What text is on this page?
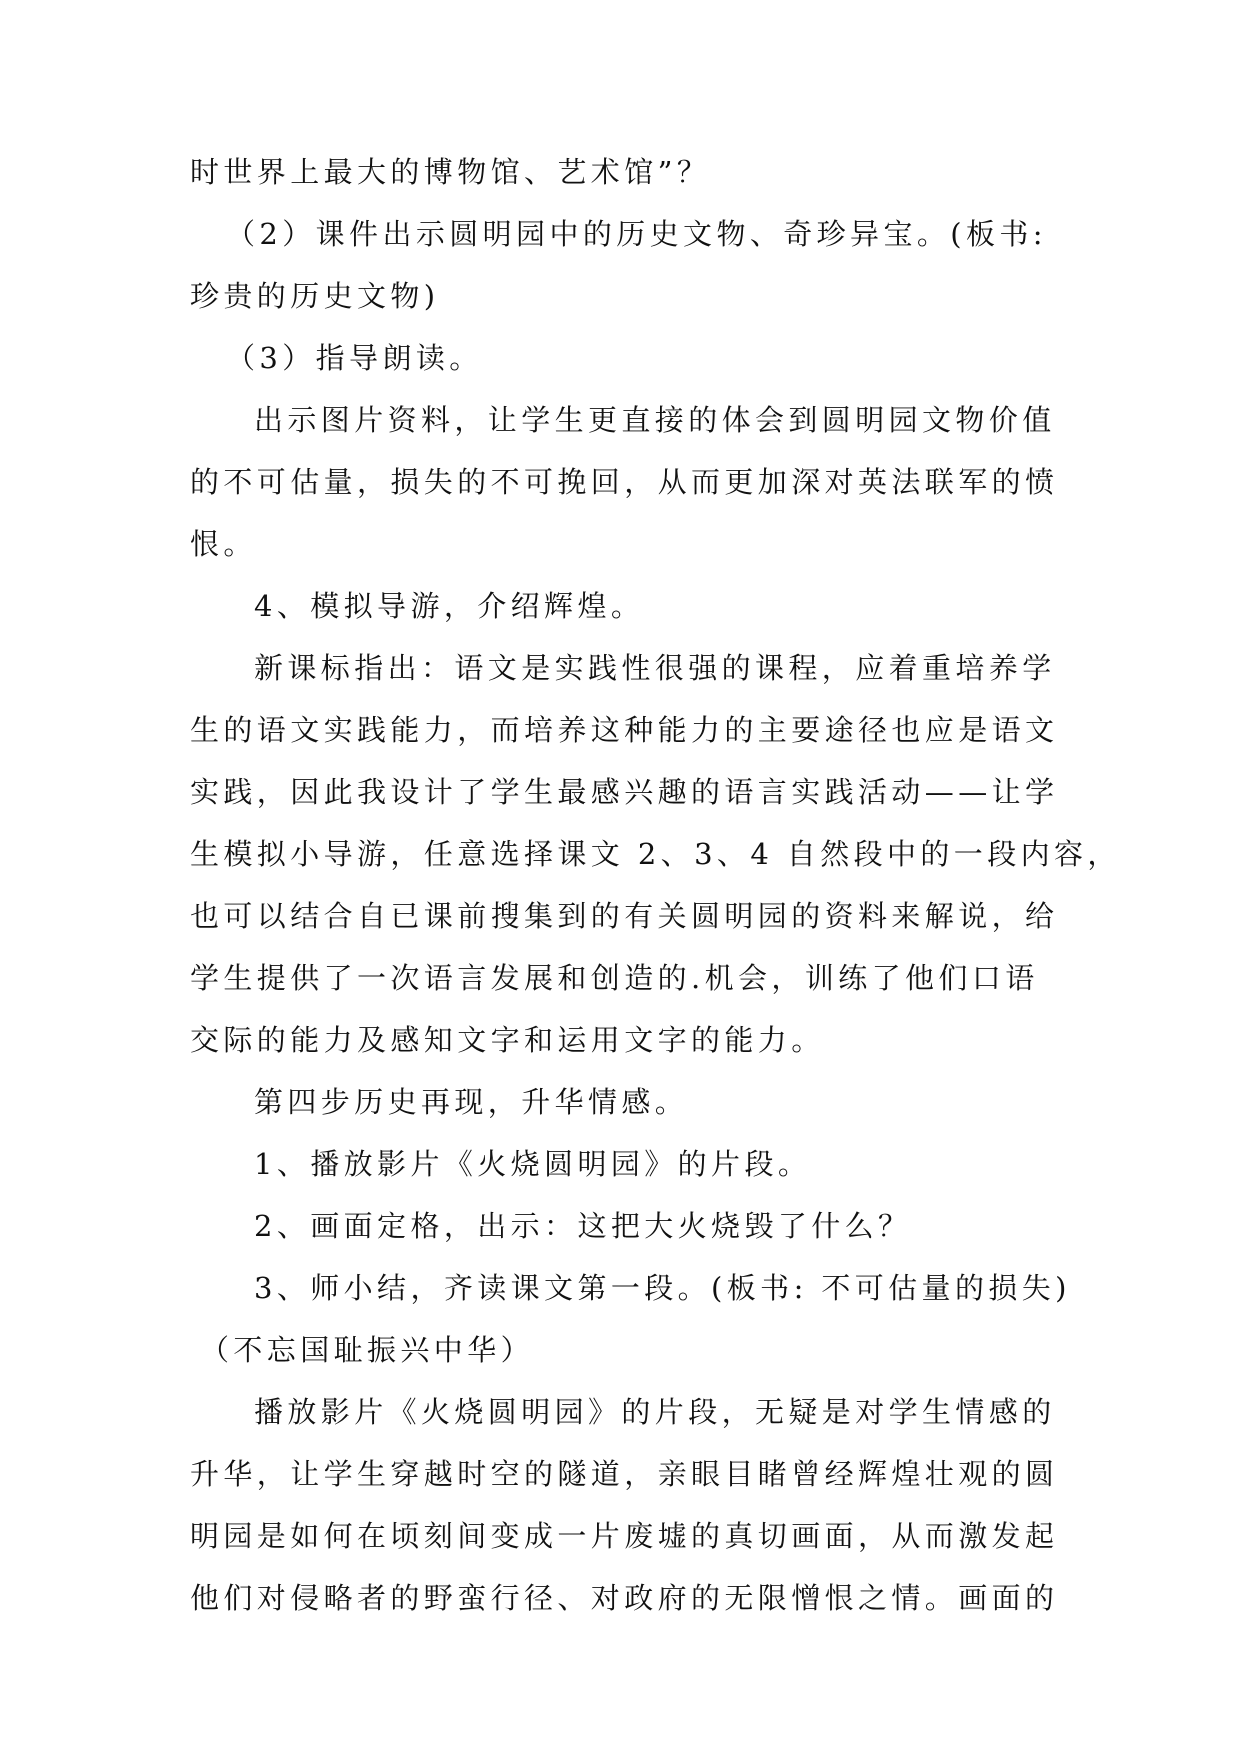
时世界上最大的博物馆、艺术馆”？
（2）课件出示圆明园中的历史文物、奇珍异宝。(板书:
珍贵的历史文物)
（3）指导朗读。
出示图片资料，让学生更直接的体会到圆明园文物价值
的不可估量，损失的不可挽回，从而更加深对英法联军的愤
恨。
4、模拟导游，介绍辉煌。
新课标指出：语文是实践性很强的课程，应着重培养学
生的语文实践能力，而培养这种能力的主要途径也应是语文
实践，因此我设计了学生最感兴趣的语言实践活动——让学
生模拟小导游，任意选择课文 2、3、4 自然段中的一段内容，
也可以结合自已课前搜集到的有关圆明园的资料来解说，给
学生提供了一次语言发展和创造的.机会，训练了他们口语
交际的能力及感知文字和运用文字的能力。
第四步历史再现，升华情感。
1、播放影片《火烧圆明园》的片段。
2、画面定格，出示：这把大火烧毁了什么？
3、师小结，齐读课文第一段。(板书: 不可估量的损失)
（不忘国耻振兴中华）
播放影片《火烧圆明园》的片段，无疑是对学生情感的
升华，让学生穿越时空的隧道，亲眼目睹曾经辉煌壮观的圆
明园是如何在顷刻间变成一片废墟的真切画面，从而激发起
他们对侵略者的野蛮行径、对政府的无限憎恨之情。画面的
